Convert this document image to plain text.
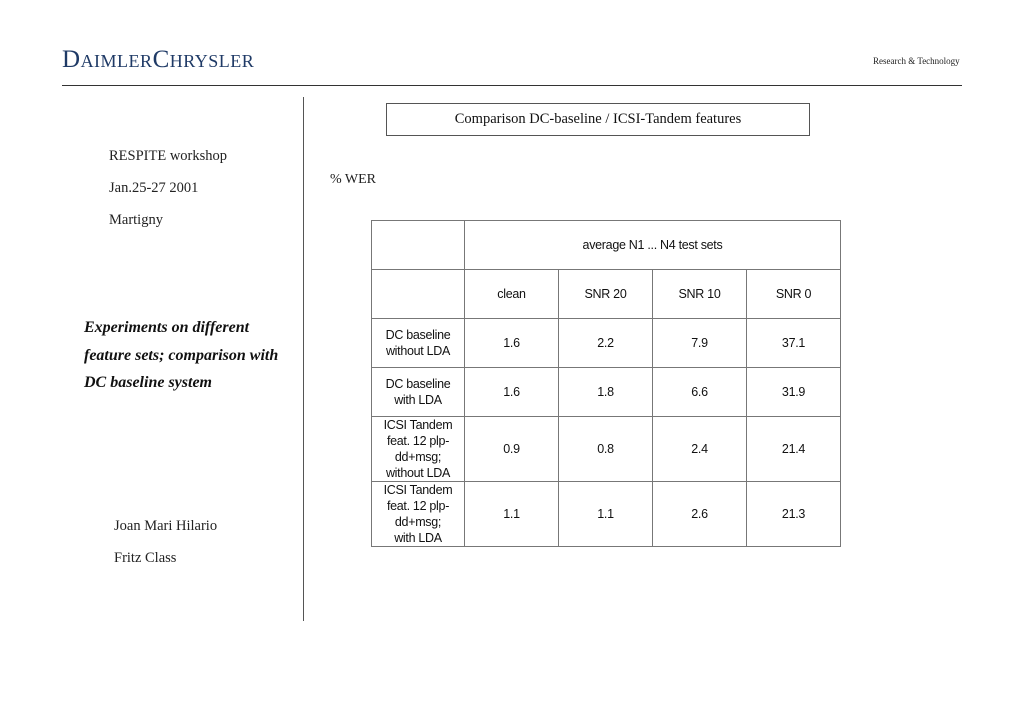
DAIMLERCHRYSLER	Research & Technology
RESPITE workshop
Jan.25-27 2001
Martigny
Experiments on different feature sets; comparison with DC baseline system
Joan Mari Hilario
Fritz Class
Comparison DC-baseline / ICSI-Tandem features
% WER
	average N1 ... N4 test sets			
	clean	SNR 20	SNR 10	SNR 0
DC baseline
without LDA	1.6	2.2	7.9	37.1
DC baseline
with LDA	1.6	1.8	6.6	31.9
ICSI Tandem
feat. 12 plp-
dd+msg;
without LDA	0.9	0.8	2.4	21.4
ICSI Tandem
feat. 12 plp-
dd+msg;
with LDA	1.1	1.1	2.6	21.3
